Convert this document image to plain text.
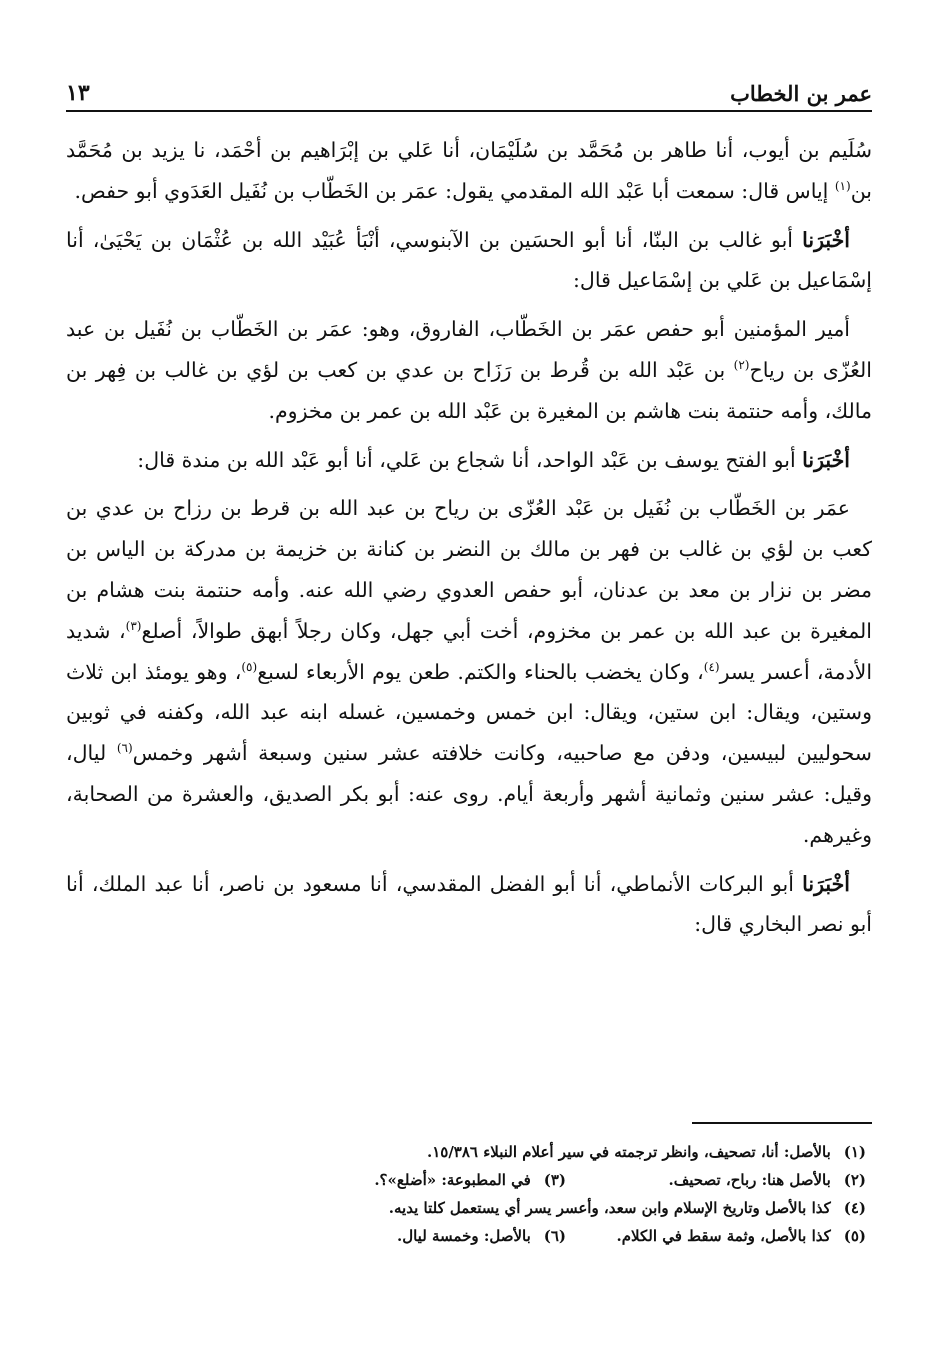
عمر بن الخطاب
١٣

سُلَيم بن أيوب، أنا طاهر بن مُحَمَّد بن سُلَيْمَان، أنا عَلي بن إبْرَاهيم بن أحْمَد، نا يزيد بن مُحَمَّد بن$^{(١)}$ إياس قال: سمعت أبا عَبْد الله المقدمي يقول: عمَر بن الخَطّاب بن نُفَيل العَدَوي أبو حفص.

أخْبَرَنا أبو غالب بن البنّا، أنا أبو الحسَين بن الآبنوسي، أنْبَأ عُبَيْد الله بن عُثْمَان بن يَحْيَىٰ، أنا إسْمَاعيل بن عَلي بن إسْمَاعيل قال:

أمير المؤمنين أبو حفص عمَر بن الخَطّاب، الفاروق، وهو: عمَر بن الخَطّاب بن نُفَيل بن عبد العُزّى بن رياح$^{(٢)}$ بن عَبْد الله بن قُرط بن رَزَاح بن عدي بن كعب بن لؤي بن غالب بن فِهر بن مالك، وأمه حنتمة بنت هاشم بن المغيرة بن عَبْد الله بن عمر بن مخزوم.

أخْبَرَنا أبو الفتح يوسف بن عَبْد الواحد، أنا شجاع بن عَلي، أنا أبو عَبْد الله بن مندة قال:

عمَر بن الخَطّاب بن نُفَيل بن عَبْد العُزّى بن رياح بن عبد الله بن قرط بن رزاح بن عدي بن كعب بن لؤي بن غالب بن فهر بن مالك بن النضر بن كنانة بن خزيمة بن مدركة بن الياس بن مضر بن نزار بن معد بن عدنان، أبو حفص العدوي رضي الله عنه. وأمه حنتمة بنت هشام بن المغيرة بن عبد الله بن عمر بن مخزوم، أخت أبي جهل، وكان رجلاً أبهق طوالاً، أصلع$^{(٣)}$، شديد الأدمة، أعسر يسر$^{(٤)}$، وكان يخضب بالحناء والكتم. طعن يوم الأربعاء لسبع$^{(٥)}$، وهو يومئذ ابن ثلاث وستين، ويقال: ابن ستين، ويقال: ابن خمس وخمسين، غسله ابنه عبد الله، وكفنه في ثوبين سحوليين لبيسين، ودفن مع صاحبيه، وكانت خلافته عشر سنين وسبعة أشهر وخمس$^{(٦)}$ ليال، وقيل: عشر سنين وثمانية أشهر وأربعة أيام. روى عنه: أبو بكر الصديق، والعشرة من الصحابة، وغيرهم.

أخْبَرَنا أبو البركات الأنماطي، أنا أبو الفضل المقدسي، أنا مسعود بن ناصر، أنا عبد الملك، أنا أبو نصر البخاري قال:

(١) بالأصل: أنا، تصحيف، وانظر ترجمته في سير أعلام النبلاء ١٥/٣٨٦.
(٢) بالأصل هنا: رباح، تصحيف.
(٣) في المطبوعة: «أضلع»؟.
(٤) كذا بالأصل وتاريخ الإسلام وابن سعد، وأعسر يسر أي يستعمل كلتا يديه.
(٥) كذا بالأصل، وثمة سقط في الكلام.
(٦) بالأصل: وخمسة ليال.
